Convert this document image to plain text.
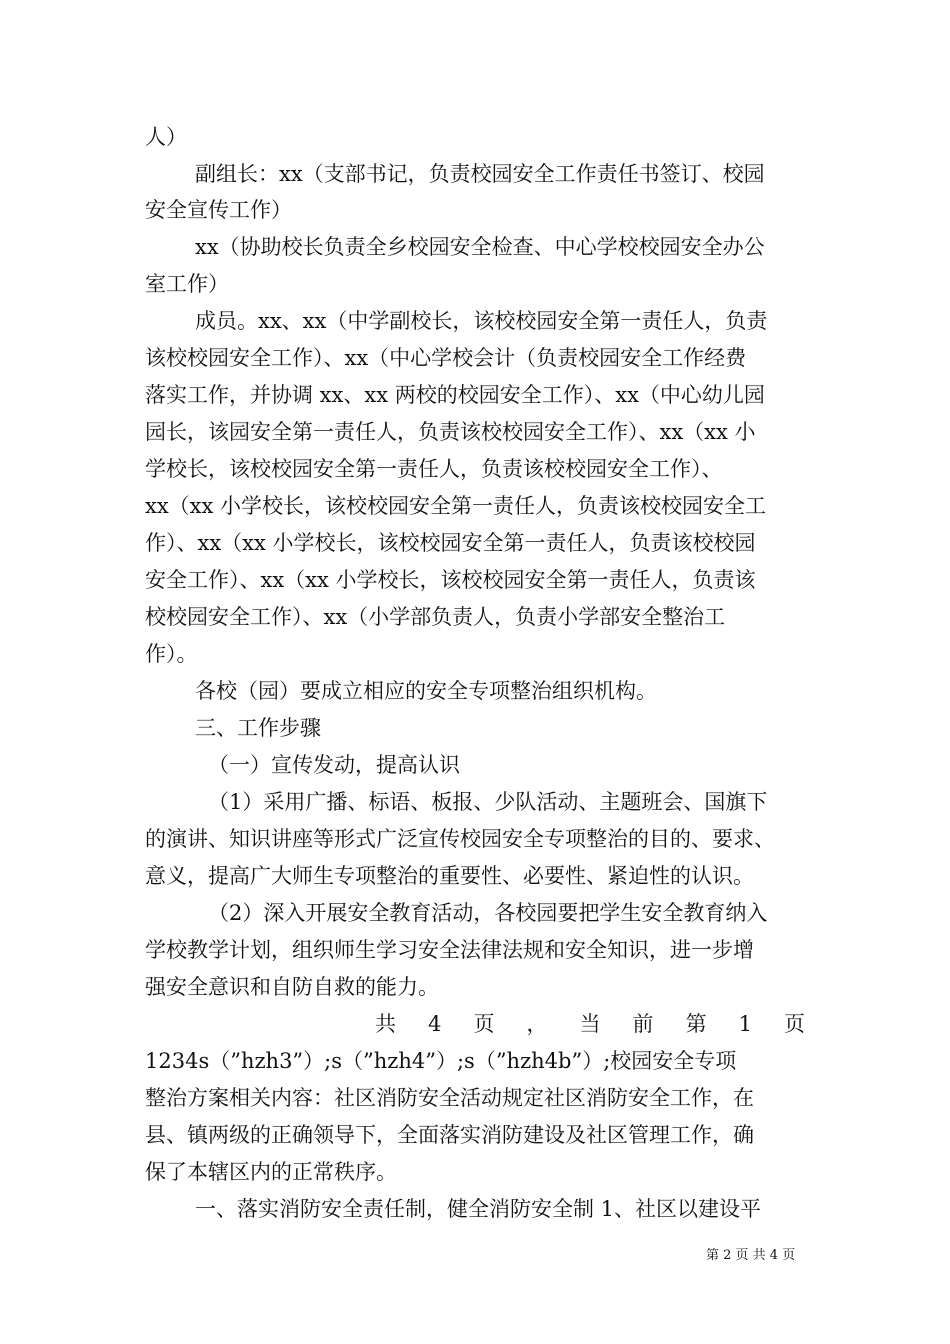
人）
副组长：xx（支部书记，负责校园安全工作责任书签订、校园
安全宣传工作）
xx（协助校长负责全乡校园安全检查、中心学校校园安全办公
室工作）
成员。xx、xx（中学副校长，该校校园安全第一责任人，负责
该校校园安全工作）、xx（中心学校会计（负责校园安全工作经费
落实工作，并协调 xx、xx 两校的校园安全工作）、xx（中心幼儿园
园长，该园安全第一责任人，负责该校校园安全工作）、xx（xx 小
学校长，该校校园安全第一责任人，负责该校校园安全工作）、
xx（xx 小学校长，该校校园安全第一责任人，负责该校校园安全工
作）、xx（xx 小学校长，该校校园安全第一责任人，负责该校校园
安全工作）、xx（xx 小学校长，该校校园安全第一责任人，负责该
校校园安全工作）、xx（小学部负责人，负责小学部安全整治工
作）。
各校（园）要成立相应的安全专项整治组织机构。
三、工作步骤
（一）宣传发动，提高认识
（1）采用广播、标语、板报、少队活动、主题班会、国旗下
的演讲、知识讲座等形式广泛宣传校园安全专项整治的目的、要求、
意义，提高广大师生专项整治的重要性、必要性、紧迫性的认识。
（2）深入开展安全教育活动，各校园要把学生安全教育纳入
学校教学计划，组织师生学习安全法律法规和安全知识，进一步增
强安全意识和自防自救的能力。
共 4 页 ， 当 前 第 1 页
1234s（”hzh3”）;s（”hzh4”）;s（”hzh4b”）;校园安全专项
整治方案相关内容：社区消防安全活动规定社区消防安全工作，在
县、镇两级的正确领导下，全面落实消防建设及社区管理工作，确
保了本辖区内的正常秩序。
一、落实消防安全责任制，健全消防安全制 1、社区以建设平
第 2 页 共 4 页
